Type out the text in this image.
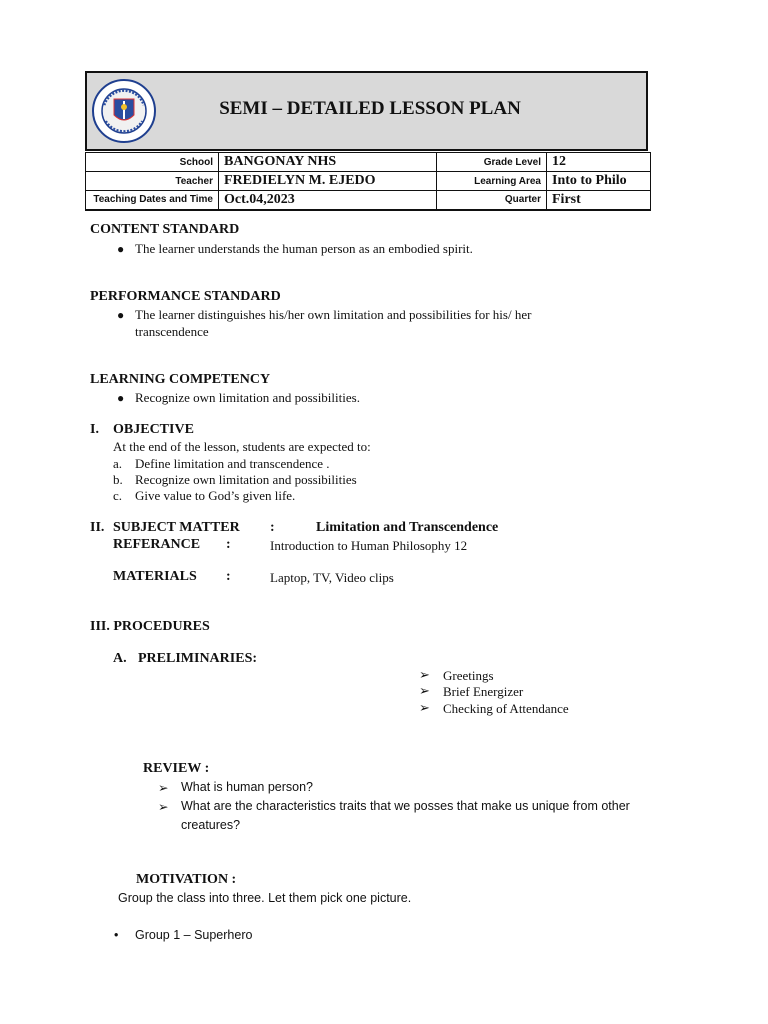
SEMI – DETAILED LESSON PLAN
School	BANGONAY NHS	Grade Level	12
Teacher	FREDIELYN M. EJEDO	Learning Area	Into to Philo
Teaching Dates and Time	Oct.04,2023	Quarter	First
CONTENT STANDARD
● The learner understands the human person as an embodied spirit.
PERFORMANCE STANDARD
● The learner distinguishes his/her own limitation and possibilities for his/ her
transcendence
LEARNING COMPETENCY
● Recognize own limitation and possibilities.
I. OBJECTIVE
At the end of the lesson, students are expected to:
a. Define limitation and transcendence .
b. Recognize own limitation and possibilities
c. Give value to God’s given life.
II. SUBJECT MATTER :	Limitation and Transcendence
REFERANCE :	Introduction to Human Philosophy 12
MATERIALS :	Laptop, TV, Video clips
III. PROCEDURES
A. PRELIMINARIES:
➢ Greetings
➢ Brief Energizer
➢ Checking of Attendance
REVIEW :
➢ What is human person?
➢ What are the characteristics traits that we posses that make us unique from other
creatures?
MOTIVATION :
Group the class into three. Let them pick one picture.
• Group 1 – Superhero
